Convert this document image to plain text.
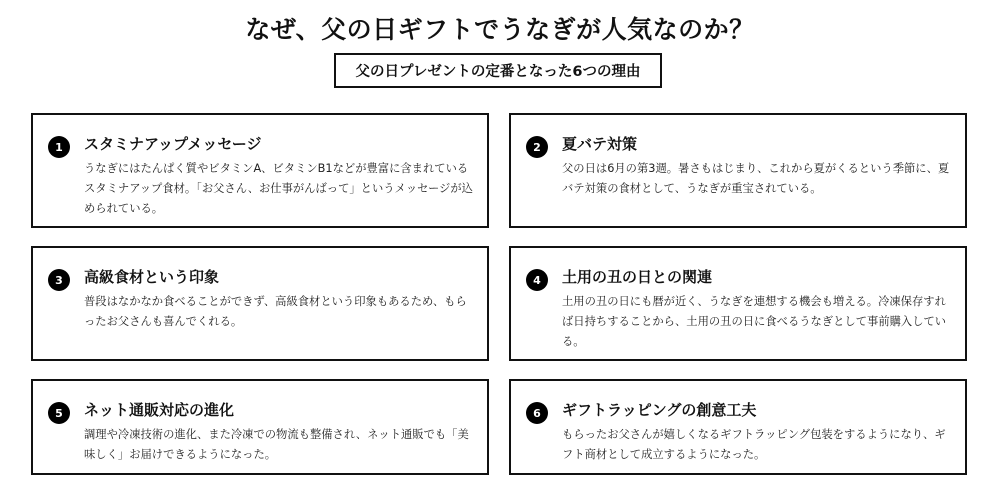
なぜ、父の日ギフトでうなぎが人気なのか？
父の日プレゼントの定番となった6つの理由
1	スタミナアップメッセージ
うなぎにはたんぱく質やビタミンA、ビタミンB1などが豊富に含まれているスタミナアップ食材。「お父さん、お仕事がんばって」というメッセージが込められている。
2	夏バテ対策
父の日は6月の第3週。暑さもはじまり、これから夏がくるという季節に、夏バテ対策の食材として、うなぎが重宝されている。
3	高級食材という印象
普段はなかなか食べることができず、高級食材という印象もあるため、もらったお父さんも喜んでくれる。
4	土用の丑の日との関連
土用の丑の日にも暦が近く、うなぎを連想する機会も増える。冷凍保存すれば日持ちすることから、土用の丑の日に食べるうなぎとして事前購入している。
5	ネット通販対応の進化
調理や冷凍技術の進化、また冷凍での物流も整備され、ネット通販でも「美味しく」お届けできるようになった。
6	ギフトラッピングの創意工夫
もらったお父さんが嬉しくなるギフトラッピング包装をするようになり、ギフト商材として成立するようになった。
